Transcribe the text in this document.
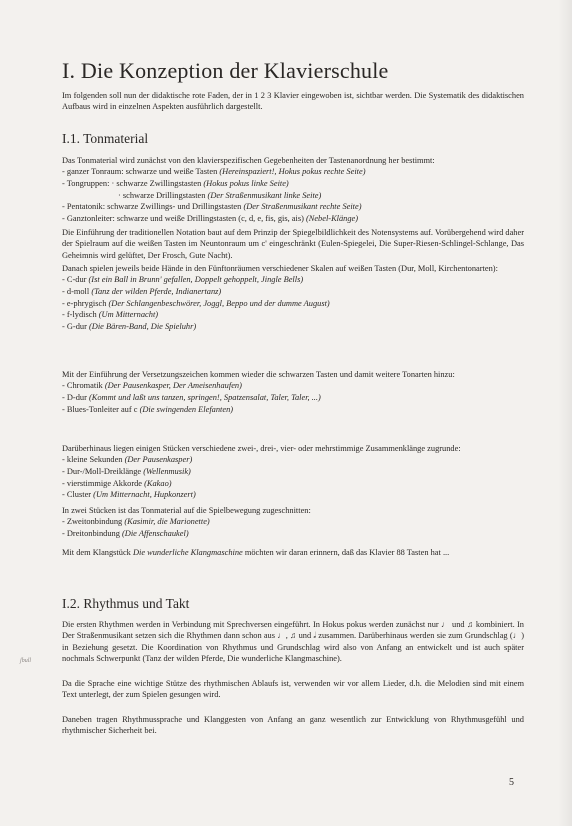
ʃbull
I. Die Konzeption der Klavierschule

Im folgenden soll nun der didaktische rote Faden, der in 1 2 3 Klavier eingewoben ist, sichtbar werden. Die Systematik des didaktischen Aufbaus wird in einzelnen Aspekten ausführlich dargestellt.

I.1. Tonmaterial

Das Tonmaterial wird zunächst von den klavierspezifischen Gegebenheiten der Tastenanordnung her bestimmt:

- ganzer Tonraum: schwarze und weiße Tasten (Hereinspaziert!, Hokus pokus rechte Seite)
- Tongruppen: · schwarze Zwillingstasten (Hokus pokus linke Seite)
· schwarze Drillingstasten (Der Straßenmusikant linke Seite)
- Pentatonik: schwarze Zwillings- und Drillingstasten (Der Straßenmusikant rechte Seite)
- Ganztonleiter: schwarze und weiße Drillingstasten (c, d, e, fis, gis, ais) (Nebel-Klänge)

Die Einführung der traditionellen Notation baut auf dem Prinzip der Spiegelbildlichkeit des Notensystems auf. Vorübergehend wird daher der Spielraum auf die weißen Tasten im Neuntonraum um c' eingeschränkt (Eulen-Spiegelei, Die Super-Riesen-Schlingel-Schlange, Das Geheimnis wird gelüftet, Der Frosch, Gute Nacht).

Danach spielen jeweils beide Hände in den Fünftonräumen verschiedener Skalen auf weißen Tasten (Dur, Moll, Kirchentonarten):

- C-dur (Ist ein Ball in Brunn' gefallen, Doppelt gehoppelt, Jingle Bells)
- d-moll (Tanz der wilden Pferde, Indianertanz)
- e-phrygisch (Der Schlangenbeschwörer, Joggl, Beppo und der dumme August)
- f-lydisch (Um Mitternacht)
- G-dur (Die Bären-Band, Die Spieluhr)

Mit der Einführung der Versetzungszeichen kommen wieder die schwarzen Tasten und damit weitere Tonarten hinzu:

- Chromatik (Der Pausenkasper, Der Ameisenhaufen)
- D-dur (Kommt und laßt uns tanzen, springen!, Spatzensalat, Taler, Taler, ...)
- Blues-Tonleiter auf c (Die swingenden Elefanten)

Darüberhinaus liegen einigen Stücken verschiedene zwei-, drei-, vier- oder mehrstimmige Zusammenklänge zugrunde:

- kleine Sekunden (Der Pausenkasper)
- Dur-/Moll-Dreiklänge (Wellenmusik)
- vierstimmige Akkorde (Kakao)
- Cluster (Um Mitternacht, Hupkonzert)

In zwei Stücken ist das Tonmaterial auf die Spielbewegung zugeschnitten:

- Zweitonbindung (Kasimir, die Marionette)
- Dreitonbindung (Die Affenschaukel)

Mit dem Klangstück Die wunderliche Klangmaschine möchten wir daran erinnern, daß das Klavier 88 Tasten hat ...

I.2. Rhythmus und Takt

Die ersten Rhythmen werden in Verbindung mit Sprechversen eingeführt. In Hokus pokus werden zunächst nur ♩ und ♫ kombiniert. In Der Straßenmusikant setzen sich die Rhythmen dann schon aus ♩, ♫ und 𝅗𝅥 zusammen. Darüberhinaus werden sie zum Grundschlag (♩) in Beziehung gesetzt. Die Koordination von Rhythmus und Grundschlag wird also von Anfang an entwickelt und ist auch später nochmals Schwerpunkt (Tanz der wilden Pferde, Die wunderliche Klangmaschine).

Da die Sprache eine wichtige Stütze des rhythmischen Ablaufs ist, verwenden wir vor allem Lieder, d.h. die Melodien sind mit einem Text unterlegt, der zum Spielen gesungen wird.

Daneben tragen Rhythmussprache und Klanggesten von Anfang an ganz wesentlich zur Entwicklung von Rhythmusgefühl und rhythmischer Sicherheit bei.

5
